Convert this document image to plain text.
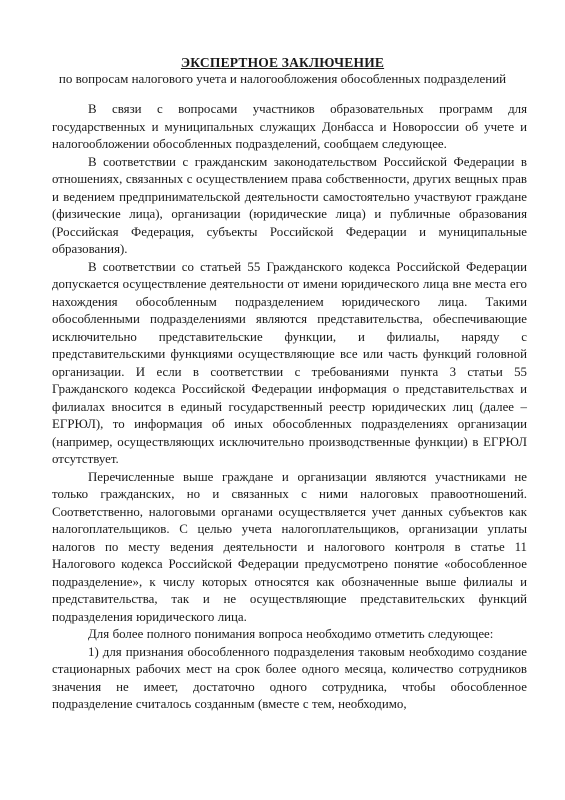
ЭКСПЕРТНОЕ ЗАКЛЮЧЕНИЕ
по вопросам налогового учета и налогообложения обособленных подразделений

В связи с вопросами участников образовательных программ для государственных и муниципальных служащих Донбасса и Новороссии об учете и налогообложении обособленных подразделений, сообщаем следующее.

В соответствии с гражданским законодательством Российской Федерации в отношениях, связанных с осуществлением права собственности, других вещных прав и ведением предпринимательской деятельности самостоятельно участвуют граждане (физические лица), организации (юридические лица) и публичные образования (Российская Федерация, субъекты Российской Федерации и муниципальные образования).

В соответствии со статьей 55 Гражданского кодекса Российской Федерации допускается осуществление деятельности от имени юридического лица вне места его нахождения обособленным подразделением юридического лица. Такими обособленными подразделениями являются представительства, обеспечивающие исключительно представительские функции, и филиалы, наряду с представительскими функциями осуществляющие все или часть функций головной организации. И если в соответствии с требованиями пункта 3 статьи 55 Гражданского кодекса Российской Федерации информация о представительствах и филиалах вносится в единый государственный реестр юридических лиц (далее – ЕГРЮЛ), то информация об иных обособленных подразделениях организации (например, осуществляющих исключительно производственные функции) в ЕГРЮЛ отсутствует.

Перечисленные выше граждане и организации являются участниками не только гражданских, но и связанных с ними налоговых правоотношений. Соответственно, налоговыми органами осуществляется учет данных субъектов как налогоплательщиков. С целью учета налогоплательщиков, организации уплаты налогов по месту ведения деятельности и налогового контроля в статье 11 Налогового кодекса Российской Федерации предусмотрено понятие «обособленное подразделение», к числу которых относятся как обозначенные выше филиалы и представительства, так и не осуществляющие представительских функций подразделения юридического лица.

Для более полного понимания вопроса необходимо отметить следующее:

1) для признания обособленного подразделения таковым необходимо создание стационарных рабочих мест на срок более одного месяца, количество сотрудников значения не имеет, достаточно одного сотрудника, чтобы обособленное подразделение считалось созданным (вместе с тем, необходимо,
